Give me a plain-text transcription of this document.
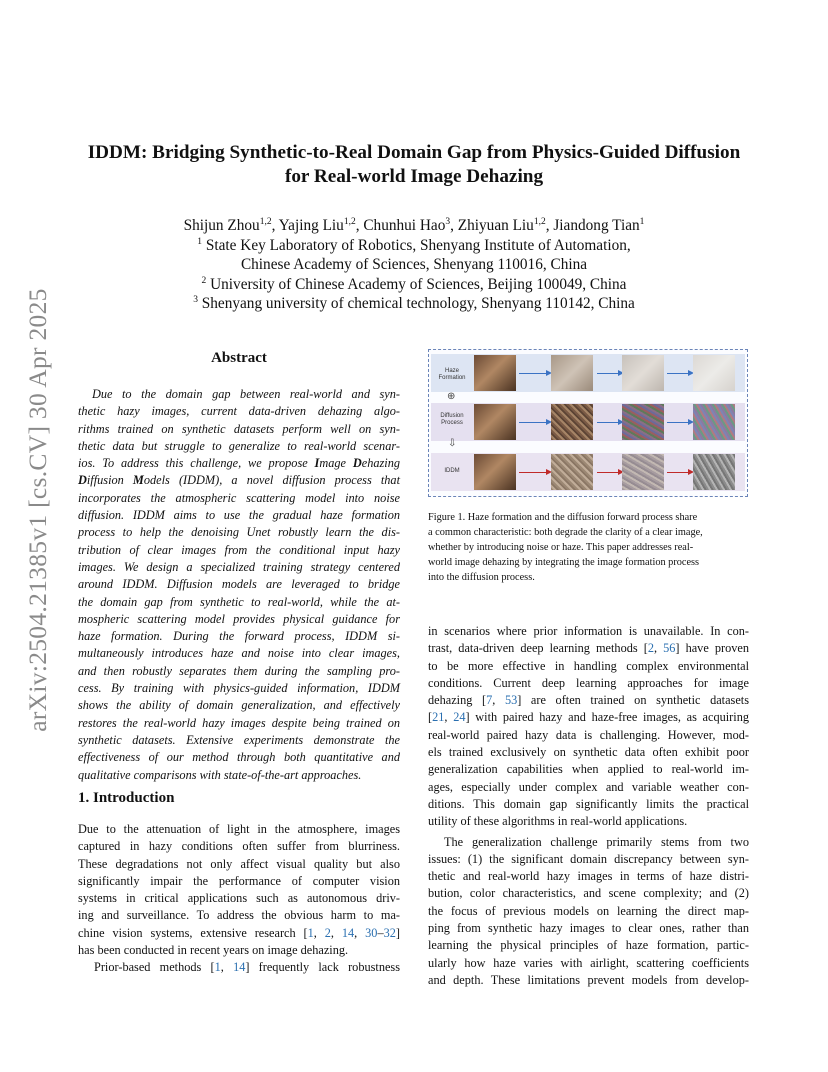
arXiv:2504.21385v1 [cs.CV] 30 Apr 2025
IDDM: Bridging Synthetic-to-Real Domain Gap from Physics-Guided Diffusion
for Real-world Image Dehazing
Shijun Zhou$^{1,2}$, Yajing Liu$^{1,2}$, Chunhui Hao$^3$, Zhiyuan Liu$^{1,2}$, Jiandong Tian$^1$
$^1$ State Key Laboratory of Robotics, Shenyang Institute of Automation,
Chinese Academy of Sciences, Shenyang 110016, China
$^2$ University of Chinese Academy of Sciences, Beijing 100049, China
$^3$ Shenyang university of chemical technology, Shenyang 110142, China
Abstract
Due to the domain gap between real-world and syn-
thetic hazy images, current data-driven dehazing algo-
rithms trained on synthetic datasets perform well on syn-
thetic data but struggle to generalize to real-world scenar-
ios. To address this challenge, we propose Image Dehazing
Diffusion Models (IDDM), a novel diffusion process that
incorporates the atmospheric scattering model into noise
diffusion. IDDM aims to use the gradual haze formation
process to help the denoising Unet robustly learn the dis-
tribution of clear images from the conditional input hazy
images. We design a specialized training strategy centered
around IDDM. Diffusion models are leveraged to bridge
the domain gap from synthetic to real-world, while the at-
mospheric scattering model provides physical guidance for
haze formation. During the forward process, IDDM si-
multaneously introduces haze and noise into clear images,
and then robustly separates them during the sampling pro-
cess. By training with physics-guided information, IDDM
shows the ability of domain generalization, and effectively
restores the real-world hazy images despite being trained on
synthetic datasets. Extensive experiments demonstrate the
effectiveness of our method through both quantitative and
qualitative comparisons with state-of-the-art approaches.
1. Introduction
Due to the attenuation of light in the atmosphere, images
captured in hazy conditions often suffer from blurriness.
These degradations not only affect visual quality but also
significantly impair the performance of computer vision
systems in critical applications such as autonomous driv-
ing and surveillance. To address the obvious harm to ma-
chine vision systems, extensive research [1, 2, 14, 30–32]
has been conducted in recent years on image dehazing.
Prior-based methods [1, 14] frequently lack robustness
Haze Formation
⊕
Diffusion Process
⇩
IDDM
Figure 1. Haze formation and the diffusion forward process share
a common characteristic: both degrade the clarity of a clear image,
whether by introducing noise or haze. This paper addresses real-
world image dehazing by integrating the image formation process
into the diffusion process.
in scenarios where prior information is unavailable. In con-
trast, data-driven deep learning methods [2, 56] have proven
to be more effective in handling complex environmental
conditions. Current deep learning approaches for image
dehazing [7, 53] are often trained on synthetic datasets
[21, 24] with paired hazy and haze-free images, as acquiring
real-world paired hazy data is challenging. However, mod-
els trained exclusively on synthetic data often exhibit poor
generalization capabilities when applied to real-world im-
ages, especially under complex and variable weather con-
ditions. This domain gap significantly limits the practical
utility of these algorithms in real-world applications.
The generalization challenge primarily stems from two
issues: (1) the significant domain discrepancy between syn-
thetic and real-world hazy images in terms of haze distri-
bution, color characteristics, and scene complexity; and (2)
the focus of previous models on learning the direct map-
ping from synthetic hazy images to clear ones, rather than
learning the physical principles of haze formation, partic-
ularly how haze varies with airlight, scattering coefficients
and depth. These limitations prevent models from develop-
